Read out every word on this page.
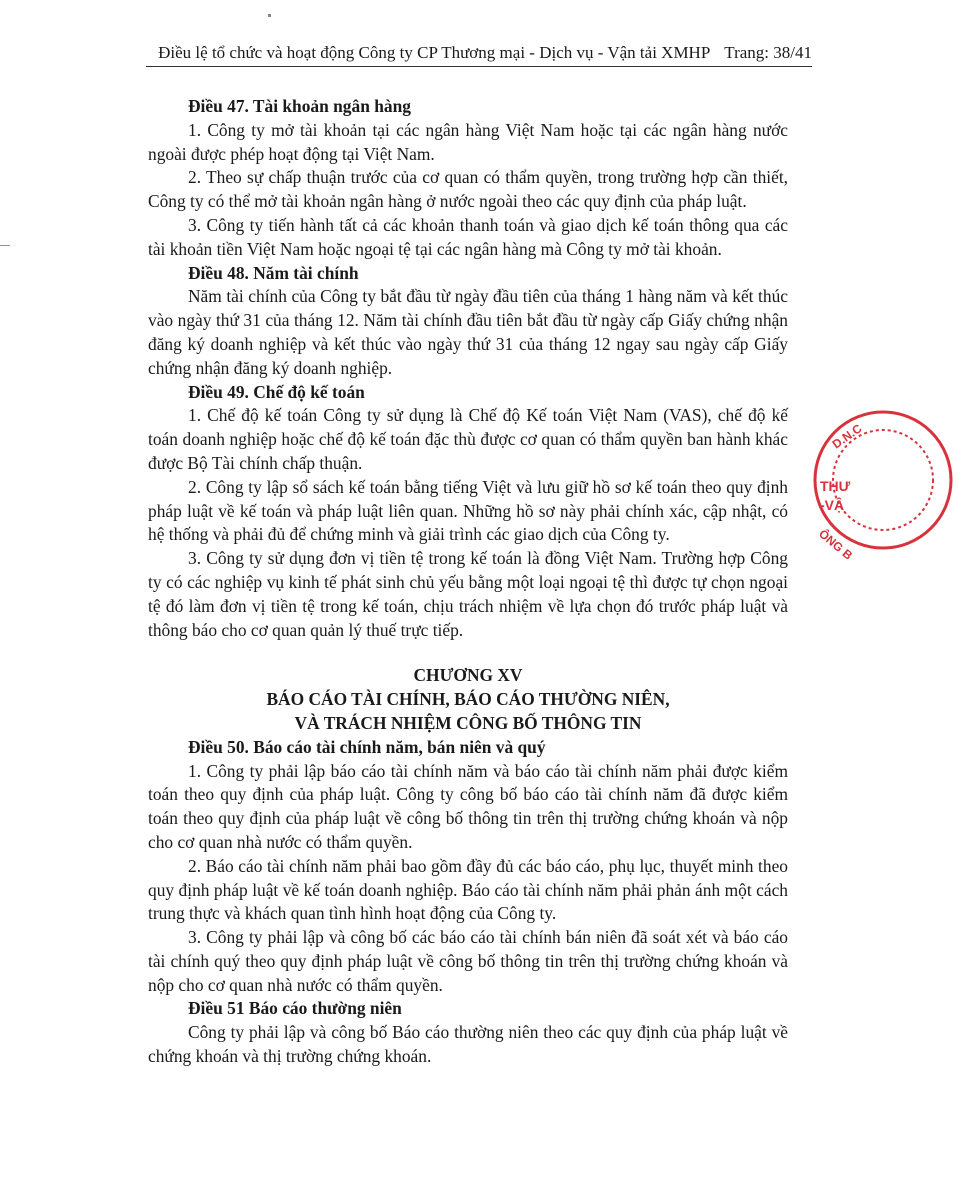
Điều lệ tổ chức và hoạt động Công ty CP Thương mại - Dịch vụ - Vận tải XMHP Trang: 38/41

Điều 47. Tài khoản ngân hàng

1. Công ty mở tài khoản tại các ngân hàng Việt Nam hoặc tại các ngân hàng nước ngoài được phép hoạt động tại Việt Nam.

2. Theo sự chấp thuận trước của cơ quan có thẩm quyền, trong trường hợp cần thiết, Công ty có thể mở tài khoản ngân hàng ở nước ngoài theo các quy định của pháp luật.

3. Công ty tiến hành tất cả các khoản thanh toán và giao dịch kế toán thông qua các tài khoản tiền Việt Nam hoặc ngoại tệ tại các ngân hàng mà Công ty mở tài khoản.

Điều 48. Năm tài chính

Năm tài chính của Công ty bắt đầu từ ngày đầu tiên của tháng 1 hàng năm và kết thúc vào ngày thứ 31 của tháng 12. Năm tài chính đầu tiên bắt đầu từ ngày cấp Giấy chứng nhận đăng ký doanh nghiệp và kết thúc vào ngày thứ 31 của tháng 12 ngay sau ngày cấp Giấy chứng nhận đăng ký doanh nghiệp.

Điều 49. Chế độ kế toán

1. Chế độ kế toán Công ty sử dụng là Chế độ Kế toán Việt Nam (VAS), chế độ kế toán doanh nghiệp hoặc chế độ kế toán đặc thù được cơ quan có thẩm quyền ban hành khác được Bộ Tài chính chấp thuận.

2. Công ty lập sổ sách kế toán bằng tiếng Việt và lưu giữ hồ sơ kế toán theo quy định pháp luật về kế toán và pháp luật liên quan. Những hồ sơ này phải chính xác, cập nhật, có hệ thống và phải đủ để chứng minh và giải trình các giao dịch của Công ty.

3. Công ty sử dụng đơn vị tiền tệ trong kế toán là đồng Việt Nam. Trường hợp Công ty có các nghiệp vụ kinh tế phát sinh chủ yếu bằng một loại ngoại tệ thì được tự chọn ngoại tệ đó làm đơn vị tiền tệ trong kế toán, chịu trách nhiệm về lựa chọn đó trước pháp luật và thông báo cho cơ quan quản lý thuế trực tiếp.

CHƯƠNG XV

BÁO CÁO TÀI CHÍNH, BÁO CÁO THƯỜNG NIÊN,

VÀ TRÁCH NHIỆM CÔNG BỐ THÔNG TIN

Điều 50. Báo cáo tài chính năm, bán niên và quý

1. Công ty phải lập báo cáo tài chính năm và báo cáo tài chính năm phải được kiểm toán theo quy định của pháp luật. Công ty công bố báo cáo tài chính năm đã được kiểm toán theo quy định của pháp luật về công bố thông tin trên thị trường chứng khoán và nộp cho cơ quan nhà nước có thẩm quyền.

2. Báo cáo tài chính năm phải bao gồm đầy đủ các báo cáo, phụ lục, thuyết minh theo quy định pháp luật về kế toán doanh nghiệp. Báo cáo tài chính năm phải phản ánh một cách trung thực và khách quan tình hình hoạt động của Công ty.

3. Công ty phải lập và công bố các báo cáo tài chính bán niên đã soát xét và báo cáo tài chính quý theo quy định pháp luật về công bố thông tin trên thị trường chứng khoán và nộp cho cơ quan nhà nước có thẩm quyền.

Điều 51 Báo cáo thường niên

Công ty phải lập và công bố Báo cáo thường niên theo các quy định của pháp luật về chứng khoán và thị trường chứng khoán.

D.N.C
THƯ
-VẬ
ÔNG B
